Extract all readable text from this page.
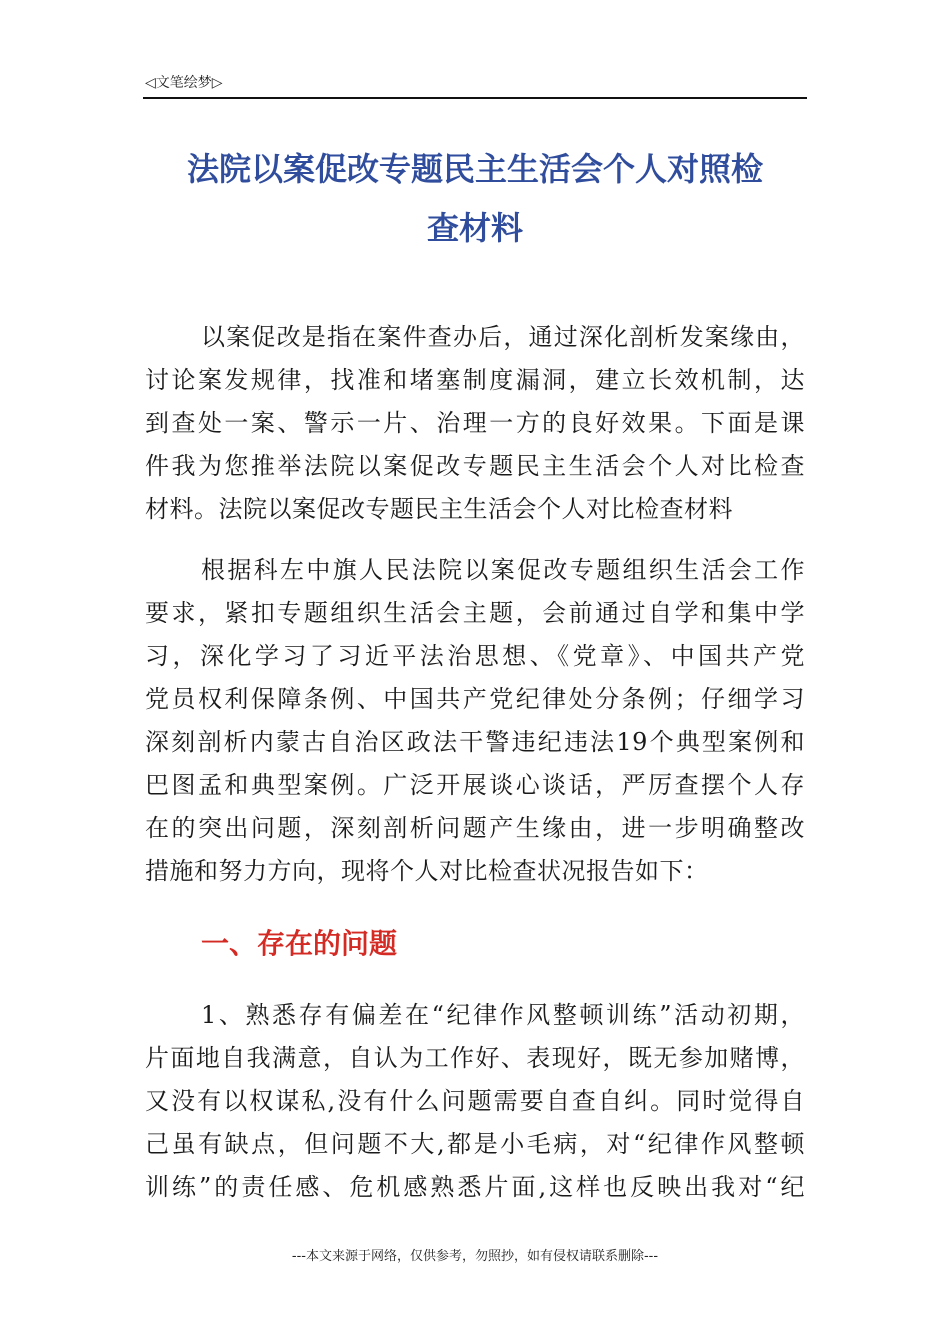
◁文笔绘梦▷
法院以案促改专题民主生活会个人对照检
查材料
以案促改是指在案件查办后，通过深化剖析发案缘由，
讨论案发规律，找准和堵塞制度漏洞，建立长效机制，达
到查处一案、警示一片、治理一方的良好效果。下面是课
件我为您推举法院以案促改专题民主生活会个人对比检查
材料。法院以案促改专题民主生活会个人对比检查材料
根据科左中旗人民法院以案促改专题组织生活会工作
要求，紧扣专题组织生活会主题，会前通过自学和集中学
习，深化学习了习近平法治思想、《党章》、中国共产党
党员权利保障条例、中国共产党纪律处分条例；仔细学习
深刻剖析内蒙古自治区政法干警违纪违法19个典型案例和
巴图孟和典型案例。广泛开展谈心谈话，严厉查摆个人存
在的突出问题，深刻剖析问题产生缘由，进一步明确整改
措施和努力方向，现将个人对比检查状况报告如下：
一、存在的问题
1、熟悉存有偏差在“纪律作风整顿训练”活动初期，
片面地自我满意，自认为工作好、表现好，既无参加赌博，
又没有以权谋私,没有什么问题需要自查自纠。同时觉得自
己虽有缺点，但问题不大,都是小毛病，对“纪律作风整顿
训练”的责任感、危机感熟悉片面,这样也反映出我对“纪
---本文来源于网络，仅供参考，勿照抄，如有侵权请联系删除---
